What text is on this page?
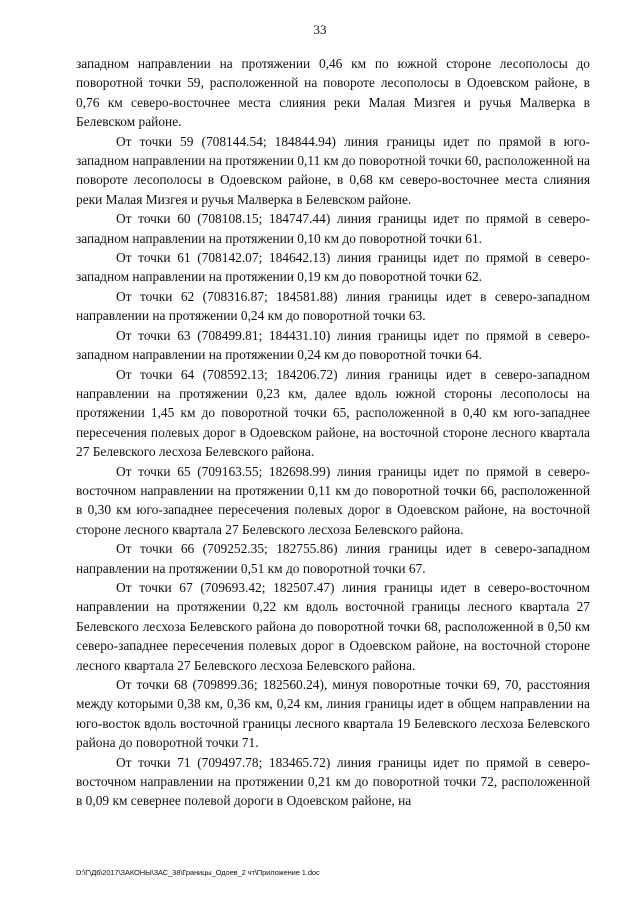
33

западном направлении на протяжении 0,46 км по южной стороне лесополосы до поворотной точки 59, расположенной на повороте лесополосы в Одоевском районе, в 0,76 км северо-восточнее места слияния реки Малая Мизгея и ручья Малверка в Белевском районе.

От точки 59 (708144.54; 184844.94) линия границы идет по прямой в юго-западном направлении на протяжении 0,11 км до поворотной точки 60, расположенной на повороте лесополосы в Одоевском районе, в 0,68 км северо-восточнее места слияния реки Малая Мизгея и ручья Малверка в Белевском районе.

От точки 60 (708108.15; 184747.44) линия границы идет по прямой в северо-западном направлении на протяжении 0,10 км до поворотной точки 61.

От точки 61 (708142.07; 184642.13) линия границы идет по прямой в северо-западном направлении на протяжении 0,19 км до поворотной точки 62.

От точки 62 (708316.87; 184581.88) линия границы идет в северо-западном направлении на протяжении 0,24 км до поворотной точки 63.

От точки 63 (708499.81; 184431.10) линия границы идет по прямой в северо-западном направлении на протяжении 0,24 км до поворотной точки 64.

От точки 64 (708592.13; 184206.72) линия границы идет в северо-западном направлении на протяжении 0,23 км, далее вдоль южной стороны лесополосы на протяжении 1,45 км до поворотной точки 65, расположенной в 0,40 км юго-западнее пересечения полевых дорог в Одоевском районе, на восточной стороне лесного квартала 27 Белевского лесхоза Белевского района.

От точки 65 (709163.55; 182698.99) линия границы идет по прямой в северо-восточном направлении на протяжении 0,11 км до поворотной точки 66, расположенной в 0,30 км юго-западнее пересечения полевых дорог в Одоевском районе, на восточной стороне лесного квартала 27 Белевского лесхоза Белевского района.

От точки 66 (709252.35; 182755.86) линия границы идет в северо-западном направлении на протяжении 0,51 км до поворотной точки 67.

От точки 67 (709693.42; 182507.47) линия границы идет в северо-восточном направлении на протяжении 0,22 км вдоль восточной границы лесного квартала 27 Белевского лесхоза Белевского района до поворотной точки 68, расположенной в 0,50 км северо-западнее пересечения полевых дорог в Одоевском районе, на восточной стороне лесного квартала 27 Белевского лесхоза Белевского района.

От точки 68 (709899.36; 182560.24), минуя поворотные точки 69, 70, расстояния между которыми 0,38 км, 0,36 км, 0,24 км, линия границы идет в общем направлении на юго-восток вдоль восточной границы лесного квартала 19 Белевского лесхоза Белевского района до поворотной точки 71.

От точки 71 (709497.78; 183465.72) линия границы идет по прямой в северо-восточном направлении на протяжении 0,21 км до поворотной точки 72, расположенной в 0,09 км севернее полевой дороги в Одоевском районе, на

D:\Г\Д6\2017\ЗАКОНЫ\ЗАС_38\Границы_Одоев_2 чт\Приложение 1.doc
